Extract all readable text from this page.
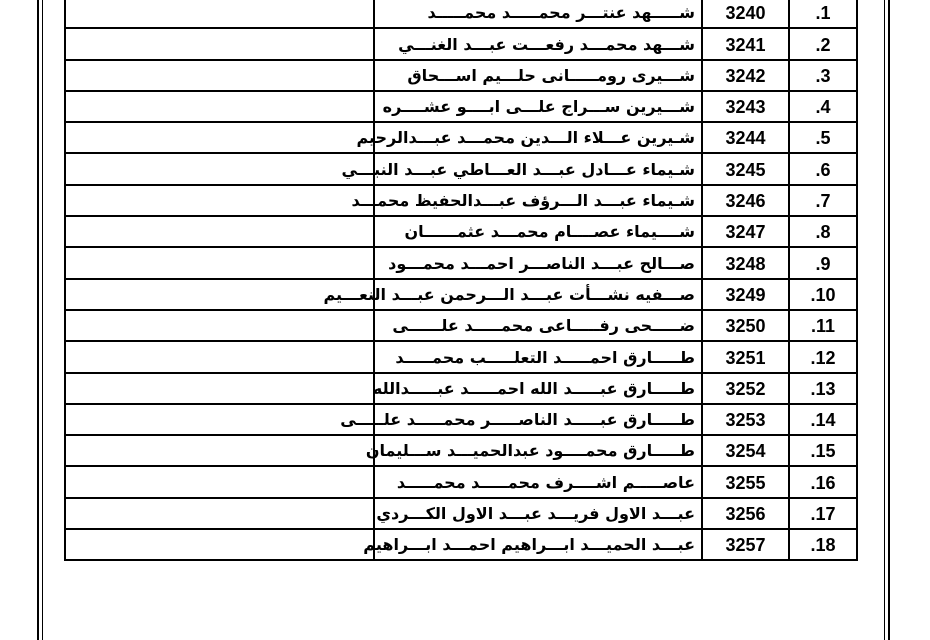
	شـــــهد عنتـــر محمـــــد محمـــــد	3240	.1
	شـــهد محمـــد رفعـــت عبـــد الغنـــي	3241	.2
	شـــيرى رومـــــانى حلـــيم اســـحاق	3242	.3
	شـــيرين ســـراج علـــى ابــــو عشــــره	3243	.4
	شـيرين عـــلاء الـــدين محمـــد عبـــدالرحيم	3244	.5
	شـيماء عـــادل عبـــد العـــاطي عبـــد النبـــي	3245	.6
	شـيماء عبـــد الـــرؤف عبـــدالحفيظ محمـــد	3246	.7
	شــــيماء عصــــام محمـــد عثمــــــان	3247	.8
	صـــالح عبـــد الناصـــر احمـــد محمـــود	3248	.9
	صـــفيه نشـــأت عبـــد الـــرحمن عبـــد النعـــيم	3249	.10
	ضـــــحى رفـــــاعى محمـــــد علــــــى	3250	.11
	طـــــارق احمـــــد التعلـــــب محمـــــد	3251	.12
	طـــــارق عبـــــد الله احمـــــد عبـــــدالله	3252	.13
	طـــــارق عبـــــد الناصـــــر محمـــــد علـــــى	3253	.14
	طـــــارق محمــــود عبدالحميـــد ســـليمان	3254	.15
	عاصـــــم اشــــرف محمـــــد محمـــــد	3255	.16
	عبـــد الاول فريـــد عبـــد الاول الكـــردي	3256	.17
	عبـــد الحميـــد ابـــراهيم احمـــد ابـــراهيم	3257	.18
